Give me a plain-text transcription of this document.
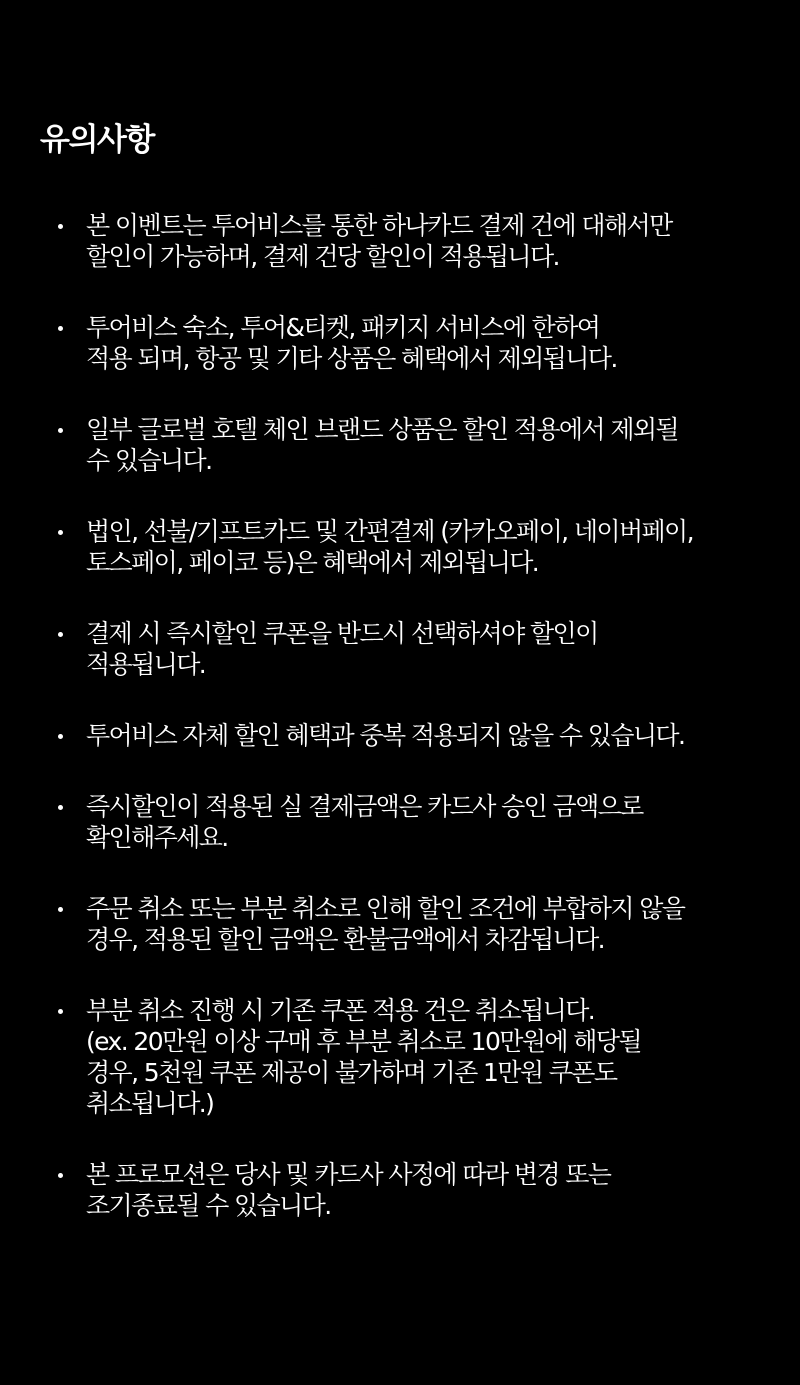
유의사항
본 이벤트는 투어비스를 통한 하나카드 결제 건에 대해서만
할인이 가능하며, 결제 건당 할인이 적용됩니다.
투어비스 숙소, 투어&티켓, 패키지 서비스에 한하여
적용 되며, 항공 및 기타 상품은 혜택에서 제외됩니다.
일부 글로벌 호텔 체인 브랜드 상품은 할인 적용에서 제외될
수 있습니다.
법인, 선불/기프트카드 및 간편결제 (카카오페이, 네이버페이,
토스페이, 페이코 등)은 혜택에서 제외됩니다.
결제 시 즉시할인 쿠폰을 반드시 선택하셔야 할인이
적용됩니다.
투어비스 자체 할인 혜택과 중복 적용되지 않을 수 있습니다.
즉시할인이 적용된 실 결제금액은 카드사 승인 금액으로
확인해주세요.
주문 취소 또는 부분 취소로 인해 할인 조건에 부합하지 않을
경우, 적용된 할인 금액은 환불금액에서 차감됩니다.
부분 취소 진행 시 기존 쿠폰 적용 건은 취소됩니다.
(ex. 20만원 이상 구매 후 부분 취소로 10만원에 해당될
경우, 5천원 쿠폰 제공이 불가하며 기존 1만원 쿠폰도
취소됩니다.)
본 프로모션은 당사 및 카드사 사정에 따라 변경 또는
조기종료될 수 있습니다.
